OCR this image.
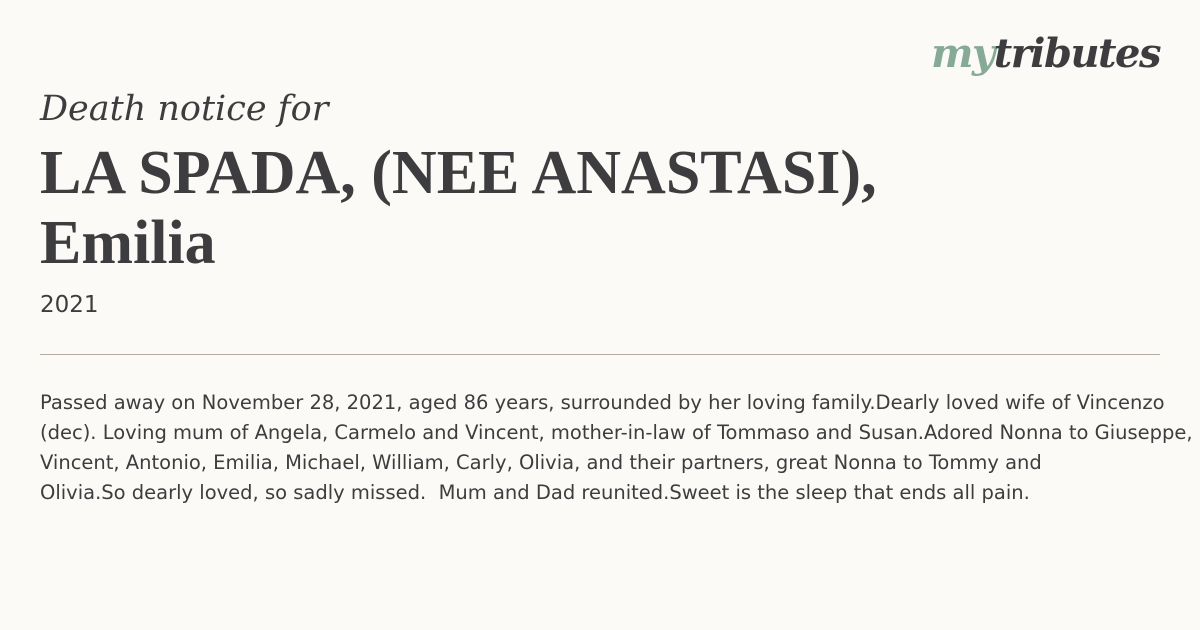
mytributes

Death notice for

LA SPADA, (NEE ANASTASI),
Emilia
2021
Passed away on November 28, 2021, aged 86 years, surrounded by her loving family.Dearly loved wife of Vincenzo
(dec). Loving mum of Angela, Carmelo and Vincent, mother-in-law of Tommaso and Susan.Adored Nonna to Giuseppe,
Vincent, Antonio, Emilia, Michael, William, Carly, Olivia, and their partners, great Nonna to Tommy and
Olivia.So dearly loved, so sadly missed.  Mum and Dad reunited.Sweet is the sleep that ends all pain.
